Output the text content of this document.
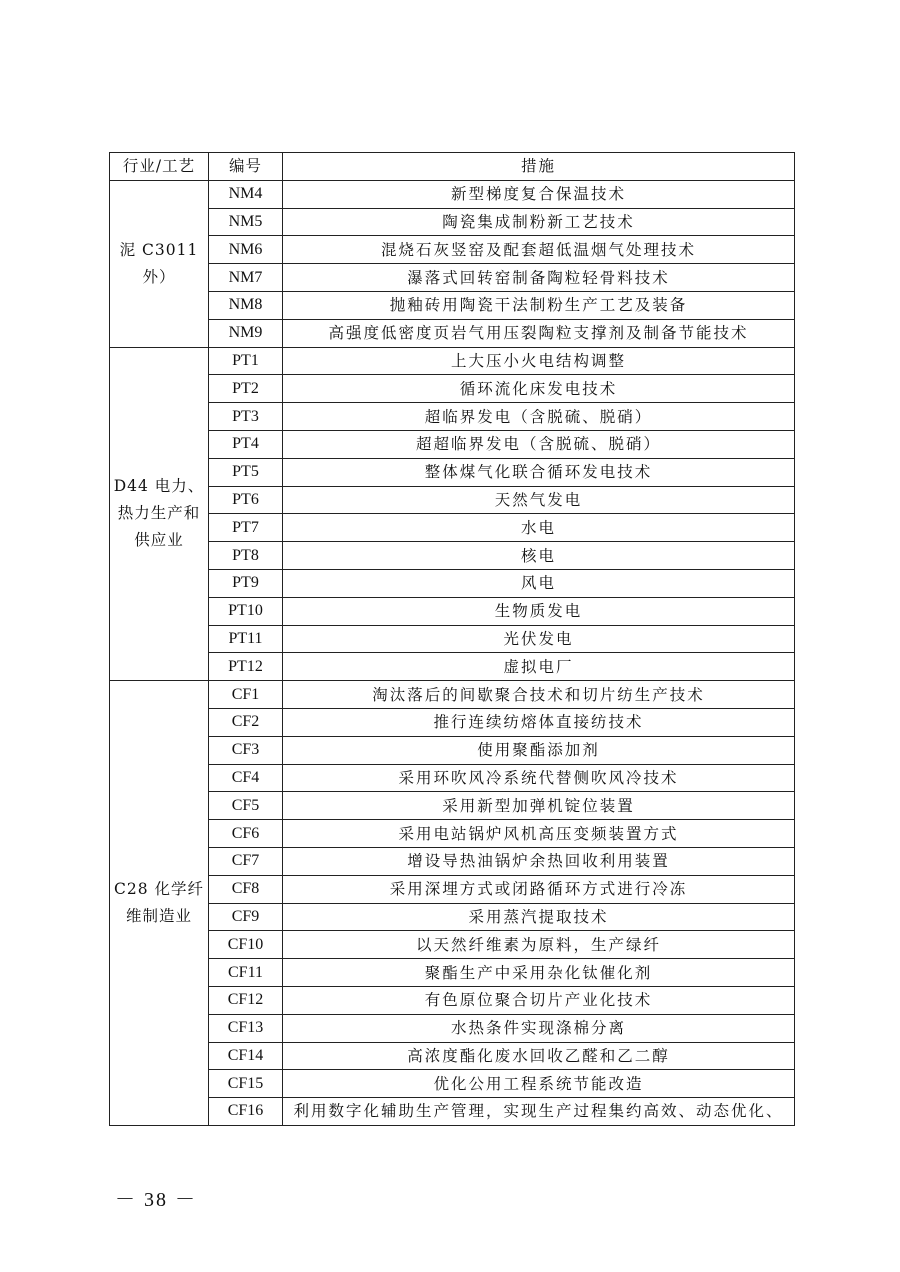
行业/工艺	编号	措施
泥 C3011 外）	NM4	新型梯度复合保温技术
	NM5	陶瓷集成制粉新工艺技术
	NM6	混烧石灰竖窑及配套超低温烟气处理技术
	NM7	瀑落式回转窑制备陶粒轻骨料技术
	NM8	抛釉砖用陶瓷干法制粉生产工艺及装备
	NM9	高强度低密度页岩气用压裂陶粒支撑剂及制备节能技术
D44 电力、热力生产和供应业	PT1	上大压小火电结构调整
	PT2	循环流化床发电技术
	PT3	超临界发电（含脱硫、脱硝）
	PT4	超超临界发电（含脱硫、脱硝）
	PT5	整体煤气化联合循环发电技术
	PT6	天然气发电
	PT7	水电
	PT8	核电
	PT9	风电
	PT10	生物质发电
	PT11	光伏发电
	PT12	虚拟电厂
C28 化学纤维制造业	CF1	淘汰落后的间歇聚合技术和切片纺生产技术
	CF2	推行连续纺熔体直接纺技术
	CF3	使用聚酯添加剂
	CF4	采用环吹风冷系统代替侧吹风冷技术
	CF5	采用新型加弹机锭位装置
	CF6	采用电站锅炉风机高压变频装置方式
	CF7	增设导热油锅炉余热回收利用装置
	CF8	采用深埋方式或闭路循环方式进行冷冻
	CF9	采用蒸汽提取技术
	CF10	以天然纤维素为原料，生产绿纤
	CF11	聚酯生产中采用杂化钛催化剂
	CF12	有色原位聚合切片产业化技术
	CF13	水热条件实现涤棉分离
	CF14	高浓度酯化废水回收乙醛和乙二醇
	CF15	优化公用工程系统节能改造
	CF16	利用数字化辅助生产管理，实现生产过程集约高效、动态优化、
－ 38 －
